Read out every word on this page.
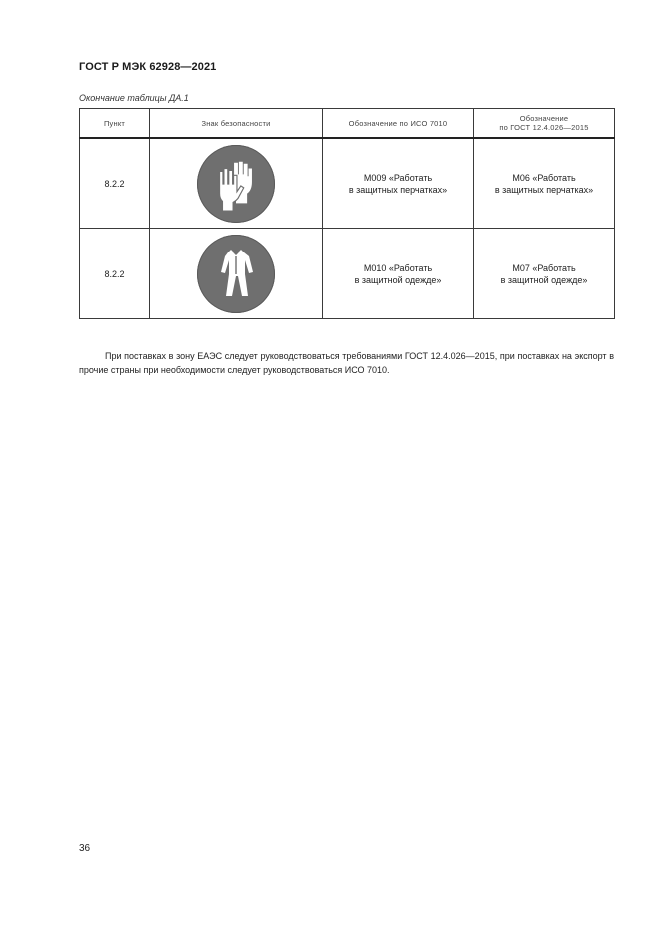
ГОСТ Р МЭК 62928—2021
Окончание таблицы ДА.1
Пункт	Знак безопасности	Обозначение по ИСО 7010	Обозначение
по ГОСТ 12.4.026—2015

8.2.2		М009 «Работать
в защитных перчатках»	М06 «Работать
в защитных перчатках»

8.2.2		М010 «Работать
в защитной одежде»	М07 «Работать
в защитной одежде»

При поставках в зону ЕАЭС следует руководствоваться требованиями ГОСТ 12.4.026—2015, при поставках на экспорт в прочие страны при необходимости следует руководствоваться ИСО 7010.

36
